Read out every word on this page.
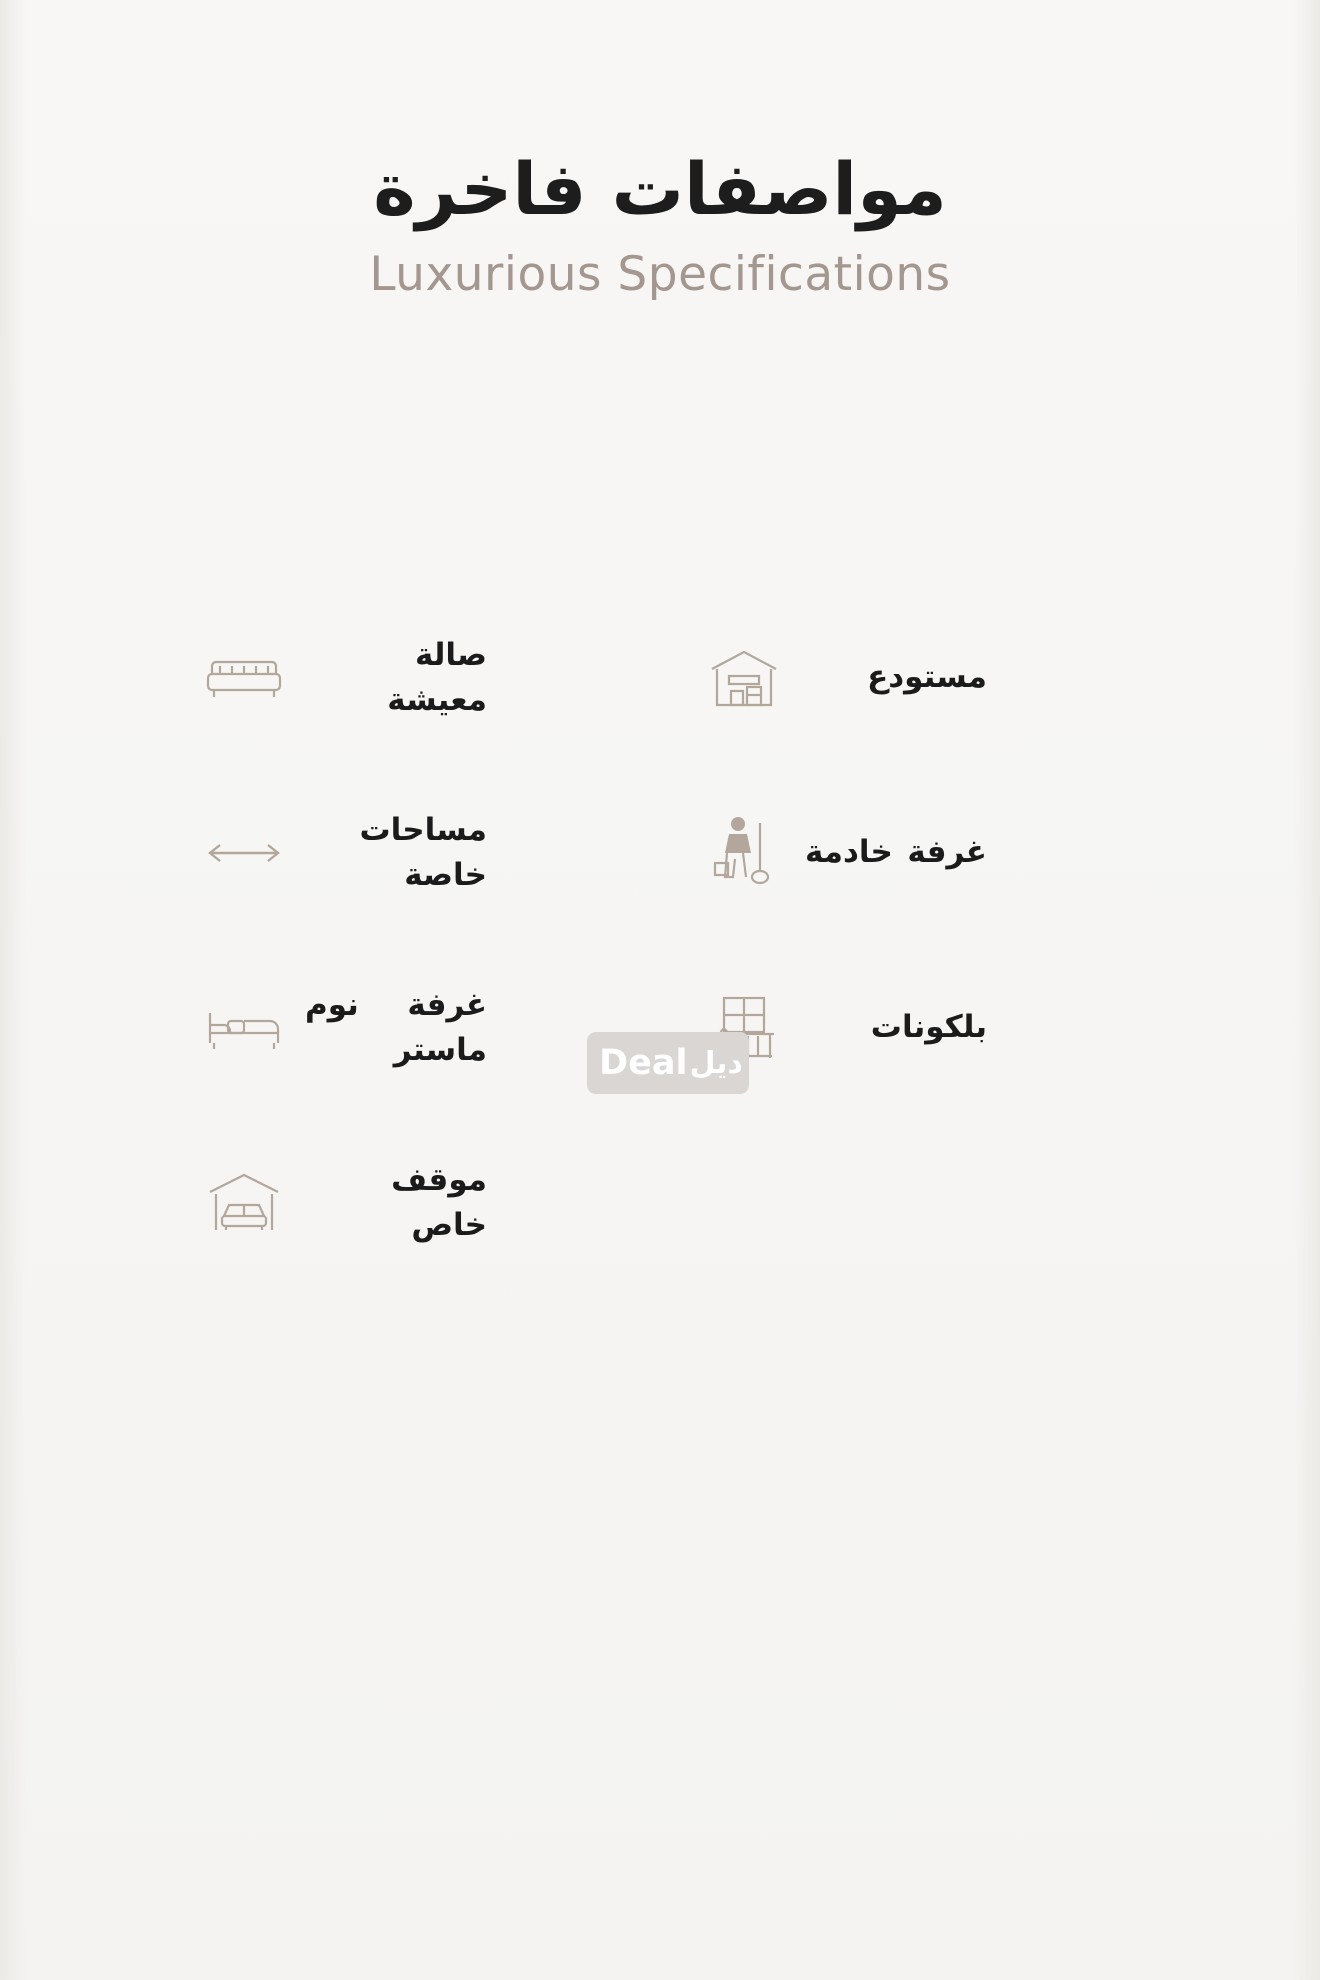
مواصفات فاخرة
Luxurious Specifications
مستودع
غرفة خادمة
بلكونات
صالة معيشة
مساحات خاصة
غرفة نوم ماستر
موقف خاص
ديل
Deal
